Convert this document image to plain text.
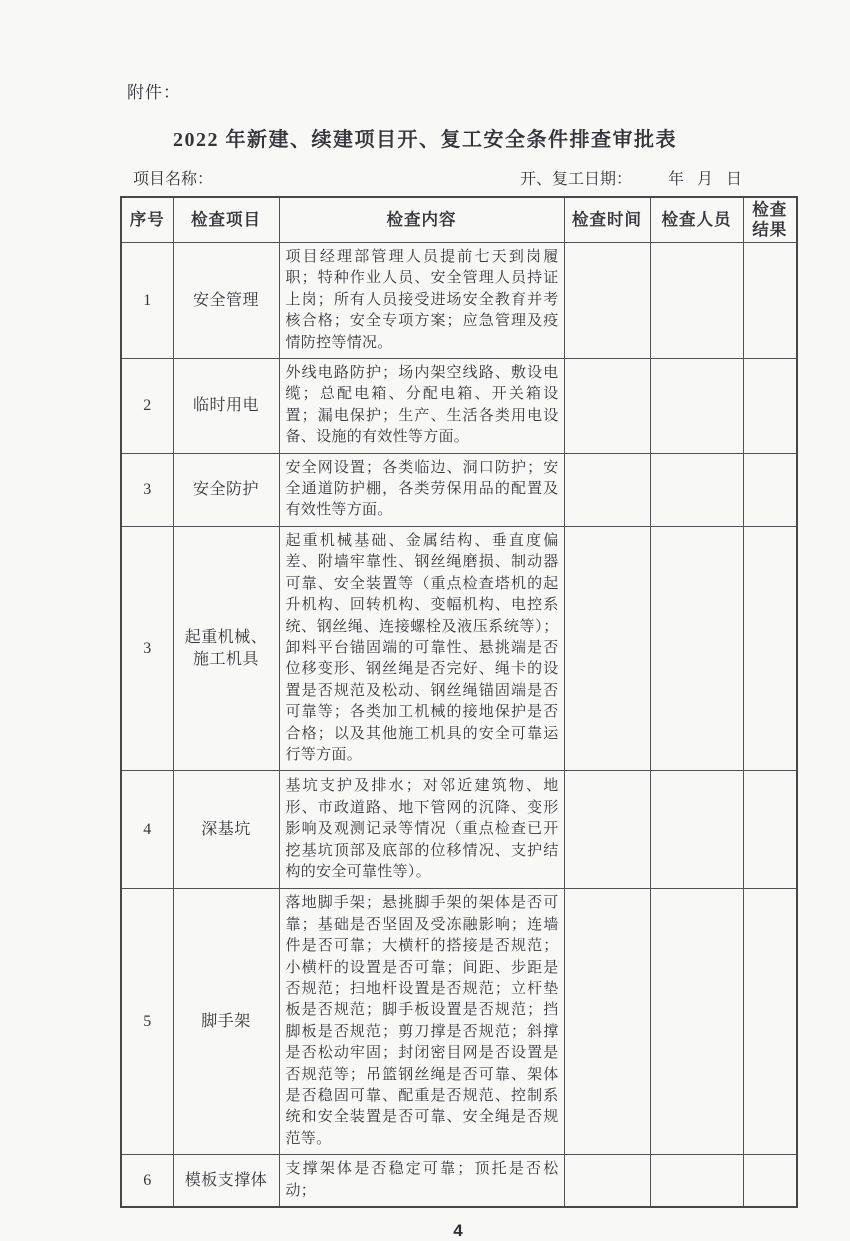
附件：
2022 年新建、续建项目开、复工安全条件排查审批表
项目名称：	开、复工日期： 年 月 日
序号	检查项目	检查内容	检查时间	检查人员	检查结果
1	安全管理	项目经理部管理人员提前七天到岗履职；特种作业人员、安全管理人员持证上岗；所有人员接受进场安全教育并考核合格；安全专项方案；应急管理及疫情防控等情况。			
2	临时用电	外线电路防护；场内架空线路、敷设电缆；总配电箱、分配电箱、开关箱设置；漏电保护；生产、生活各类用电设备、设施的有效性等方面。			
3	安全防护	安全网设置；各类临边、洞口防护；安全通道防护棚，各类劳保用品的配置及有效性等方面。			
3	起重机械、施工机具	起重机械基础、金属结构、垂直度偏差、附墙牢靠性、钢丝绳磨损、制动器可靠、安全装置等（重点检查塔机的起升机构、回转机构、变幅机构、电控系统、钢丝绳、连接螺栓及液压系统等）；卸料平台锚固端的可靠性、悬挑端是否位移变形、钢丝绳是否完好、绳卡的设置是否规范及松动、钢丝绳锚固端是否可靠等；各类加工机械的接地保护是否合格；以及其他施工机具的安全可靠运行等方面。			
4	深基坑	基坑支护及排水；对邻近建筑物、地形、市政道路、地下管网的沉降、变形影响及观测记录等情况（重点检查已开挖基坑顶部及底部的位移情况、支护结构的安全可靠性等）。			
5	脚手架	落地脚手架；悬挑脚手架的架体是否可靠；基础是否坚固及受冻融影响；连墙件是否可靠；大横杆的搭接是否规范；小横杆的设置是否可靠；间距、步距是否规范；扫地杆设置是否规范；立杆垫板是否规范；脚手板设置是否规范；挡脚板是否规范；剪刀撑是否规范；斜撑是否松动牢固；封闭密目网是否设置是否规范等；吊篮钢丝绳是否可靠、架体是否稳固可靠、配重是否规范、控制系统和安全装置是否可靠、安全绳是否规范等。			
6	模板支撑体	支撑架体是否稳定可靠；顶托是否松动；			
4
